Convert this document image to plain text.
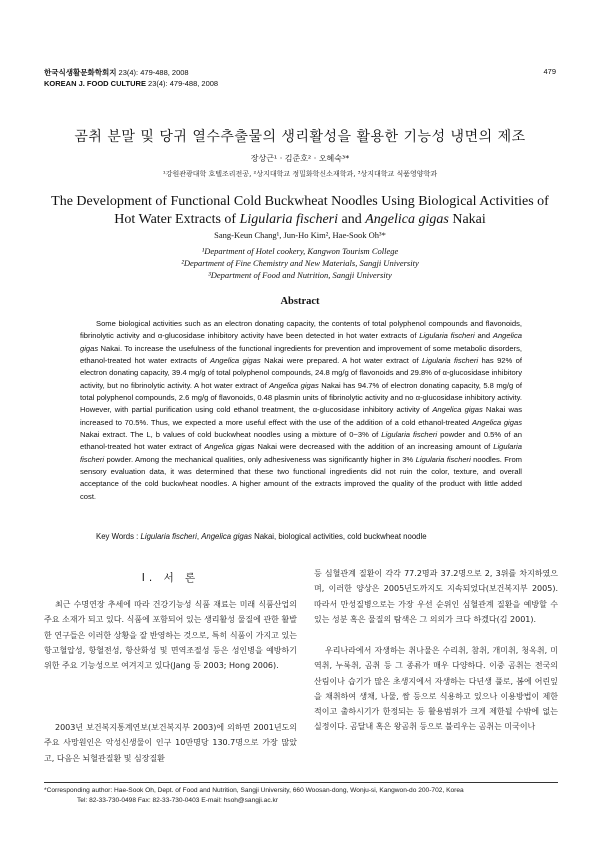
한국식생활문화학회지 23(4): 479-488, 2008
KOREAN J. FOOD CULTURE 23(4): 479-488, 2008
479
곰취 분말 및 당귀 열수추출물의 생리활성을 활용한 기능성 냉면의 제조
장상근¹ · 김준호² · 오혜숙³*
¹강원관광대학 호텔조리전공, ²상지대학교 정밀화학신소재학과, ³상지대학교 식품영양학과
The Development of Functional Cold Buckwheat Noodles Using Biological Activities of
Hot Water Extracts of Ligularia fischeri and Angelica gigas Nakai
Sang-Keun Chang¹, Jun-Ho Kim², Hae-Sook Oh³*
¹Department of Hotel cookery, Kangwon Tourism College
²Department of Fine Chemistry and New Materials, Sangji University
³Department of Food and Nutrition, Sangji University
Abstract

Some biological activities such as an electron donating capacity, the contents of total polyphenol compounds and flavonoids, fibrinolytic activity and α-glucosidase inhibitory activity have been detected in hot water extracts of Ligularia fischeri and Angelica gigas Nakai. To increase the usefulness of the functional ingredients for prevention and improvement of some metabolic disorders, ethanol-treated hot water extracts of Angelica gigas Nakai were prepared. A hot water extract of Ligularia fischeri has 92% of electron donating capacity, 39.4 mg/g of total polyphenol compounds, 24.8 mg/g of flavonoids and 29.8% of α-glucosidase inhibitory activity, but no fibrinolytic activity. A hot water extract of Angelica gigas Nakai has 94.7% of electron donating capacity, 5.8 mg/g of total polyphenol compounds, 2.6 mg/g of flavonoids, 0.48 plasmin units of fibrinolytic activity and no α-glucosidase inhibitory activity. However, with partial purification using cold ethanol treatment, the α-glucosidase inhibitory activity of Angelica gigas Nakai was increased to 70.5%. Thus, we expected a more useful effect with the use of the addition of a cold ethanol-treated Angelica gigas Nakai extract. The L, b values of cold buckwheat noodles using a mixture of 0~3% of Ligularia fischeri powder and 0.5% of an ethanol-treated hot water extract of Angelica gigas Nakai were decreased with the addition of an increasing amount of Ligularia fischeri powder. Among the mechanical qualities, only adhesiveness was significantly higher in 3% Ligularia fischeri noodles. From sensory evaluation data, it was determined that these two functional ingredients did not ruin the color, texture, and overall acceptance of the cold buckwheat noodles. A higher amount of the extracts improved the quality of the product with little added cost.

Key Words : Ligularia fischeri, Angelica gigas Nakai, biological activities, cold buckwheat noodle
I. 서 론

최근 수명연장 추세에 따라 건강기능성 식품 재료는 미래 식품산업의 주요 소재가 되고 있다. 식품에 포함되어 있는 생리활성 물질에 관한 활발한 연구들은 이러한 상황을 잘 반영하는 것으로, 특히 식품이 가지고 있는 항고혈압성, 항혈전성, 항산화성 및 면역조절성 등은 성인병을 예방하기 위한 주요 기능성으로 여겨지고 있다(Jang 등 2003; Hong 2006).

2003년 보건복지통계연보(보건복지부 2003)에 의하면 2001년도의 주요 사망원인은 악성신생물이 인구 10만명당 130.7명으로 가장 많았고, 다음은 뇌혈관질환 및 심장질환

등 심혈관계 질환이 각각 77.2명과 37.2명으로 2, 3위를 차지하였으며, 이러한 양상은 2005년도까지도 지속되었다(보건복지부 2005). 따라서 만성질병으로는 가장 우선 순위인 심혈관계 질환을 예방할 수 있는 성분 혹은 물질의 탐색은 그 의의가 크다 하겠다(김 2001).

우리나라에서 자생하는 취나물은 수리취, 참취, 개미취, 청옥취, 미역취, 누룩취, 곰취 등 그 종류가 매우 다양하다. 이중 곰취는 전국의 산림이나 습기가 많은 초생지에서 자생하는 다년생 풀로, 봄에 어린잎을 채취하여 생채, 나물, 쌈 등으로 식용하고 있으나 이용방법이 제한적이고 출하시기가 한정되는 등 활용범위가 크게 제한될 수밖에 없는 실정이다. 곰달내 혹은 왕곰취 등으로 불리우는 곰취는 미국이나

*Corresponding author: Hae-Sook Oh, Dept. of Food and Nutrition, Sangji University, 660 Woosan-dong, Wonju-si, Kangwon-do 200-702, Korea
Tel: 82-33-730-0498 Fax: 82-33-730-0403 E-mail: hsoh@sangji.ac.kr
